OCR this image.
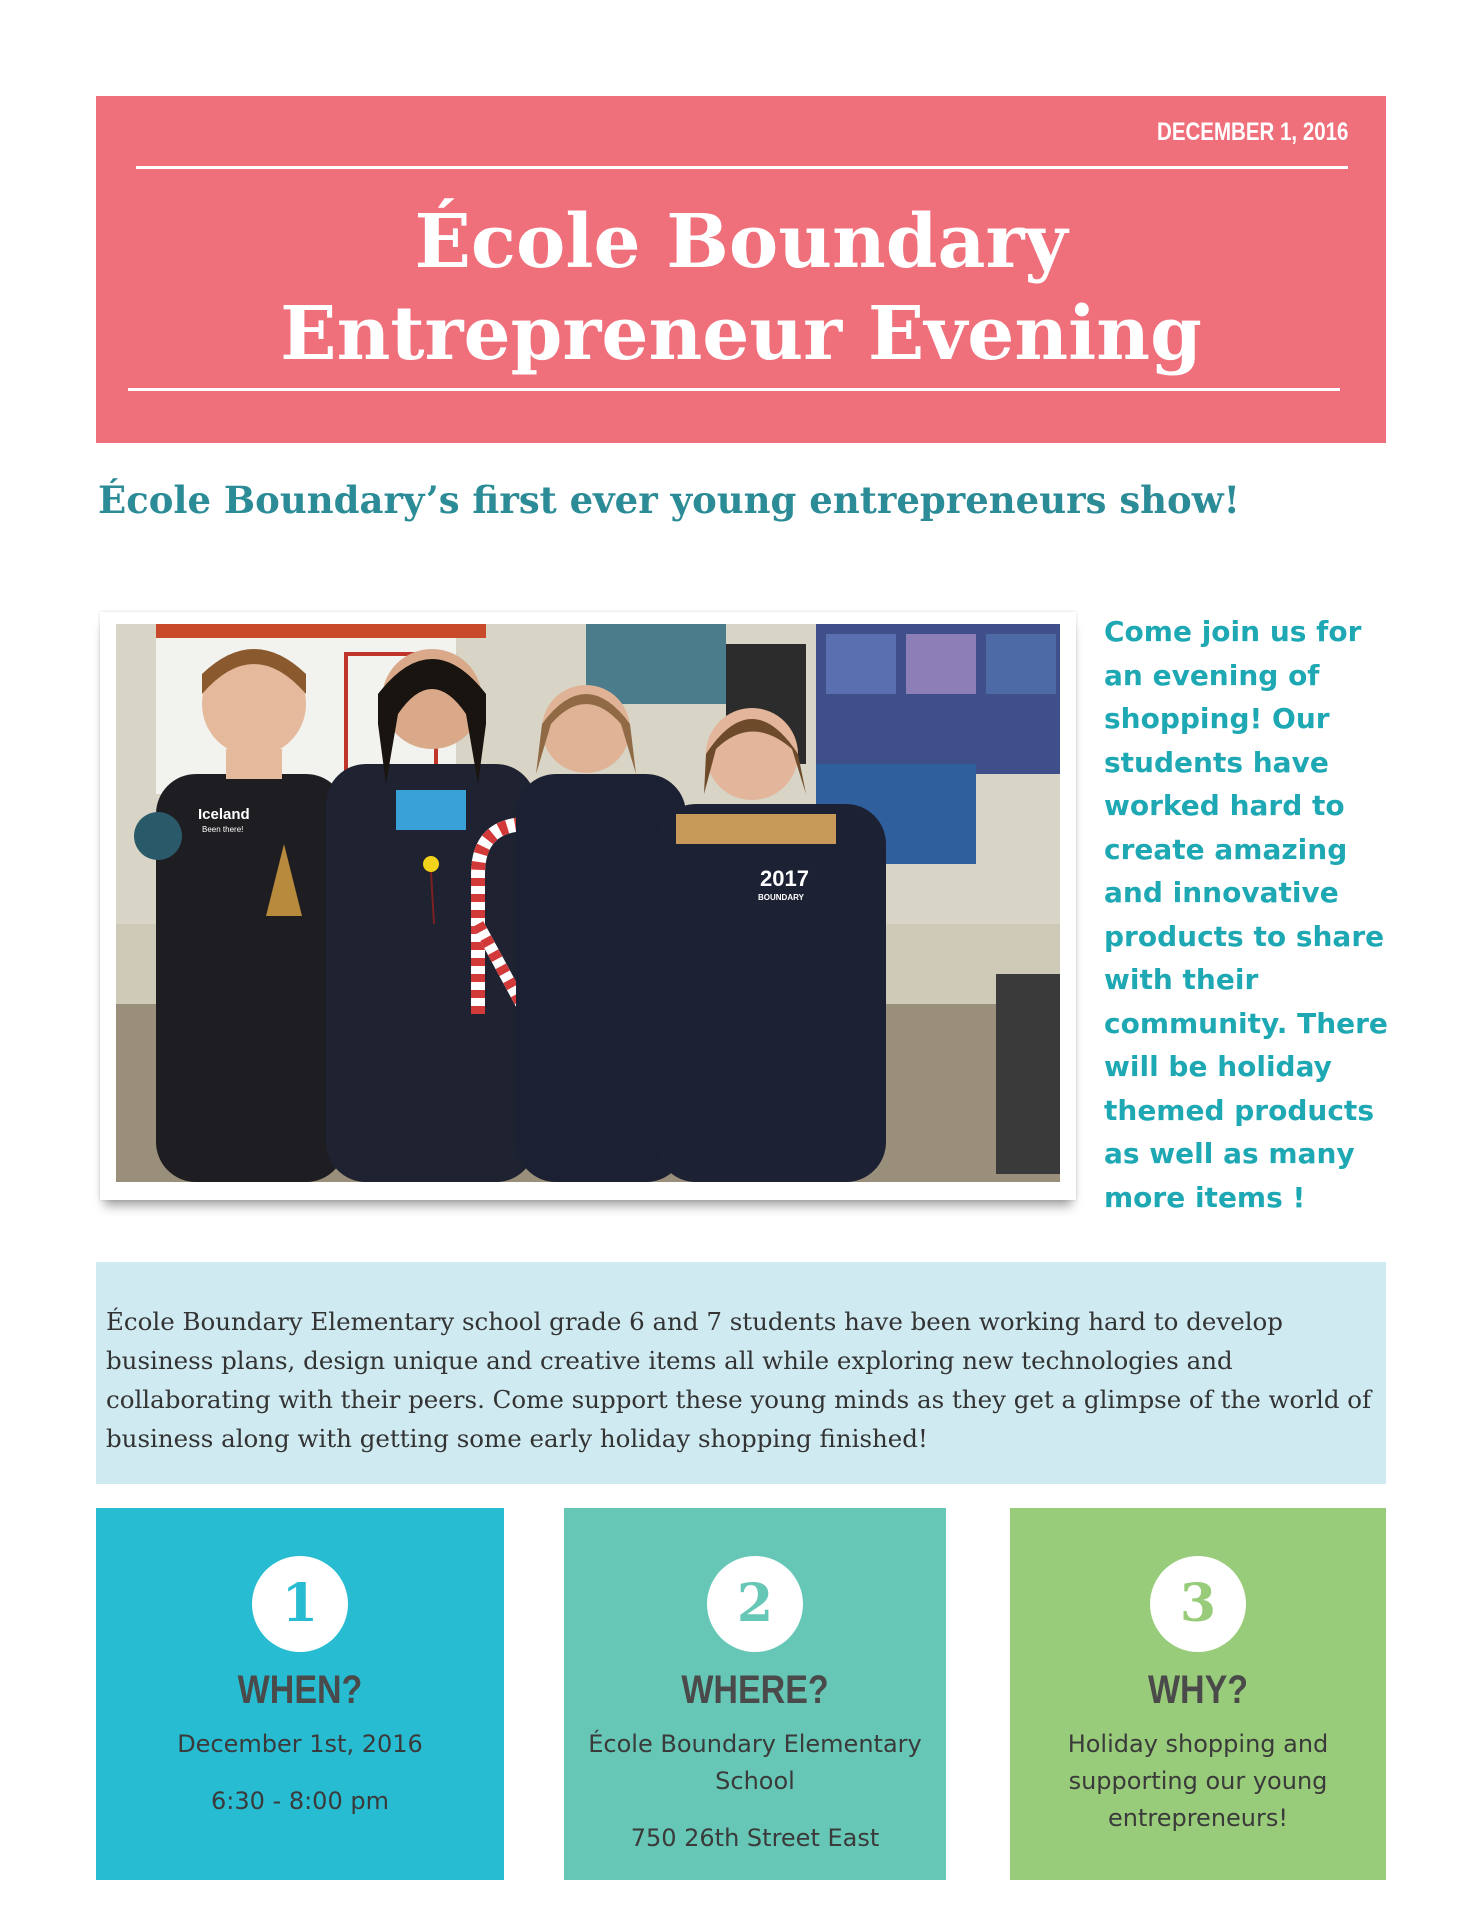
DECEMBER 1, 2016
École Boundary
Entrepreneur Evening
École Boundary’s first ever young entrepreneurs show!
Iceland
Been there!
2017
BOUNDARY
Come join us for an evening of shopping! Our students have worked hard to create amazing and innovative products to share with their community. There will be holiday themed products as well as many more items !

École Boundary Elementary school grade 6 and 7 students have been working hard to develop business plans, design unique and creative items all while exploring new technologies and collaborating with their peers. Come support these young minds as they get a glimpse of the world of business along with getting some early holiday shopping finished!

1
WHEN?
December 1st, 2016
6:30 - 8:00 pm
2
WHERE?
École Boundary Elementary School
750 26th Street East
3
WHY?
Holiday shopping and supporting our young entrepreneurs!
